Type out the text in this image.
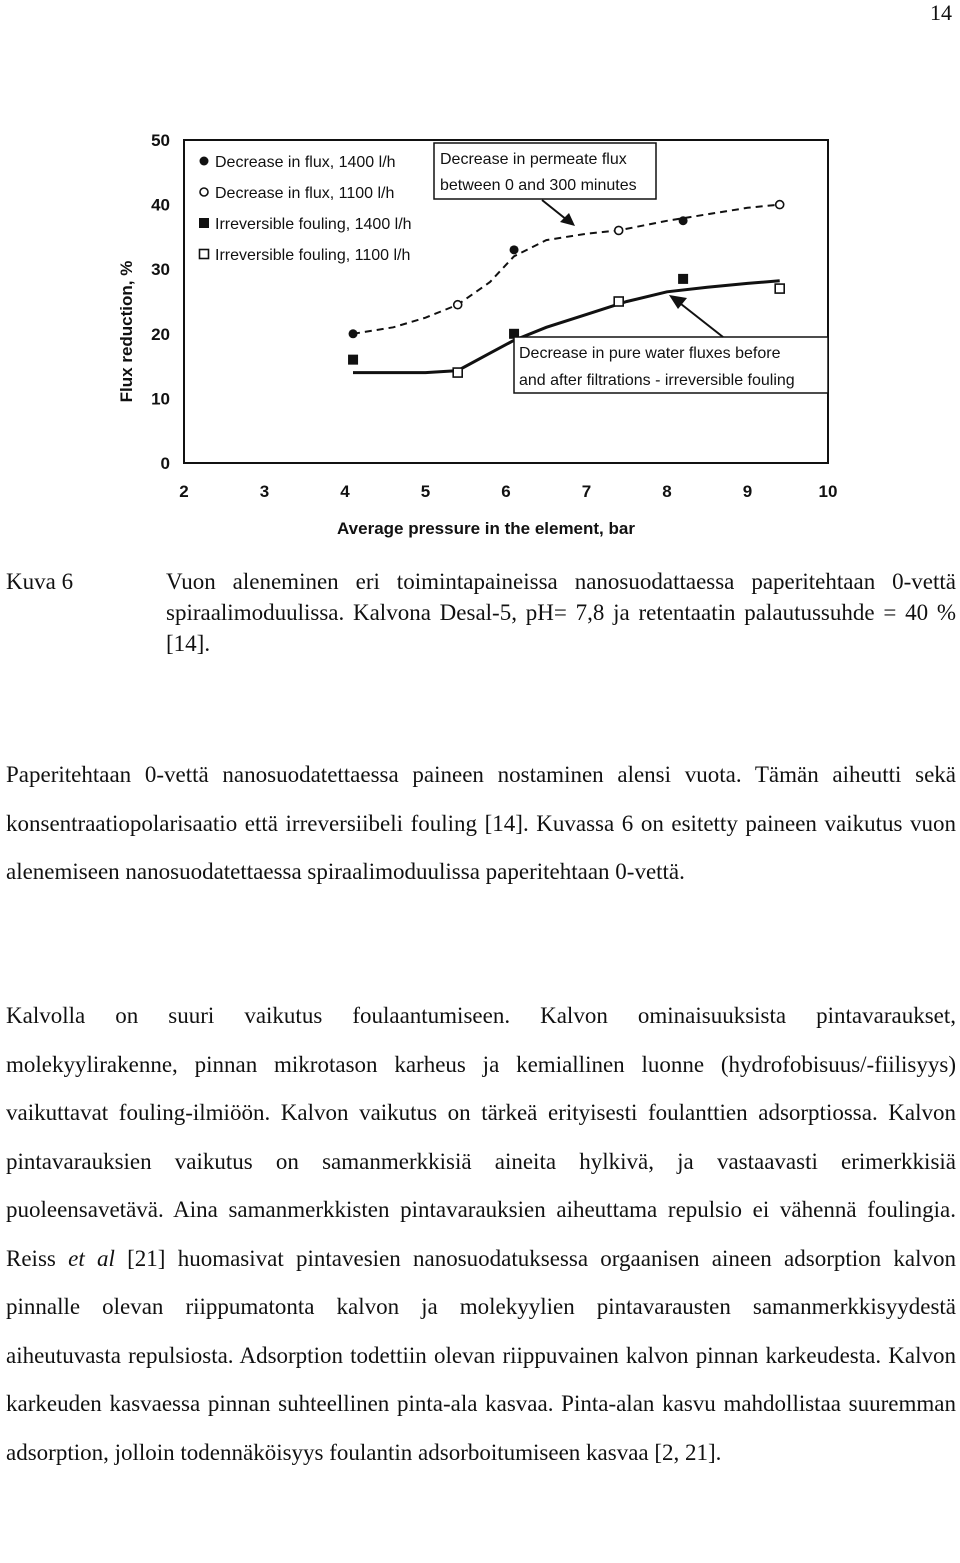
14
0
10
20
30
40
50
2	3	4	5	6	7	8	9	10
Average pressure in the element, bar
Flux reduction, %
Decrease in flux, 1400 l/h
Decrease in flux, 1100 l/h
Irreversible fouling, 1400 l/h
Irreversible fouling, 1100 l/h
Decrease in permeate flux
between 0 and 300 minutes
Decrease in pure water fluxes before
and after filtrations - irreversible fouling
Kuva 6	Vuon aleneminen eri toimintapaineissa nanosuodattaessa paperitehtaan 0-vettä spiraalimoduulissa. Kalvona Desal-5, pH= 7,8 ja retentaatin palautussuhde = 40 % [14].
Paperitehtaan 0-vettä nanosuodatettaessa paineen nostaminen alensi vuota. Tämän aiheutti sekä konsentraatiopolarisaatio että irreversiibeli fouling [14]. Kuvassa 6 on esitetty paineen vaikutus vuon alenemiseen nanosuodatettaessa spiraalimoduulissa paperitehtaan 0-vettä.
Kalvolla on suuri vaikutus foulaantumiseen. Kalvon ominaisuuksista pintavaraukset, molekyylirakenne, pinnan mikrotason karheus ja kemiallinen luonne (hydrofobisuus/-fiilisyys) vaikuttavat fouling-ilmiöön. Kalvon vaikutus on tärkeä erityisesti foulanttien adsorptiossa. Kalvon pintavarauksien vaikutus on samanmerkkisiä aineita hylkivä, ja vastaavasti erimerkkisiä puoleensavetävä. Aina samanmerkkisten pintavarauksien aiheuttama repulsio ei vähennä foulingia. Reiss et al [21] huomasivat pintavesien nanosuodatuksessa orgaanisen aineen adsorption kalvon pinnalle olevan riippumatonta kalvon ja molekyylien pintavarausten samanmerkkisyydestä aiheutuvasta repulsiosta. Adsorption todettiin olevan riippuvainen kalvon pinnan karkeudesta. Kalvon karkeuden kasvaessa pinnan suhteellinen pinta-ala kasvaa. Pinta-alan kasvu mahdollistaa suuremman adsorption, jolloin todennäköisyys foulantin adsorboitumiseen kasvaa [2, 21].
